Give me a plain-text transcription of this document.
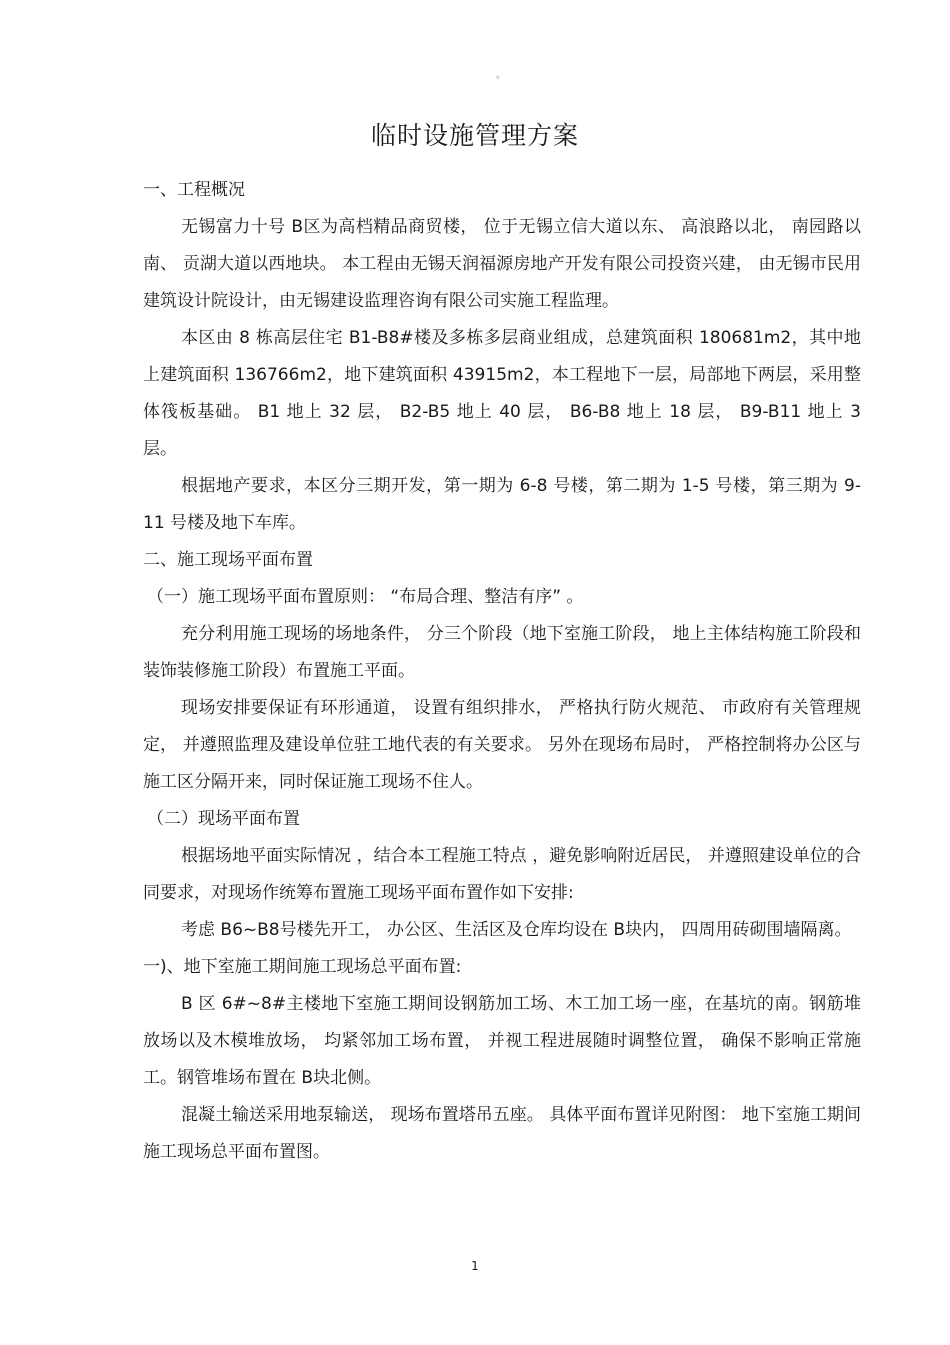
。
临时设施管理方案

一、工程概况

无锡富力十号 B区为高档精品商贸楼， 位于无锡立信大道以东、 高浪路以北， 南园路以南、 贡湖大道以西地块。 本工程由无锡天润福源房地产开发有限公司投资兴建， 由无锡市民用建筑设计院设计，由无锡建设监理咨询有限公司实施工程监理。

本区由 8 栋高层住宅 B1-B8#楼及多栋多层商业组成，总建筑面积 180681m2，其中地上建筑面积 136766m2，地下建筑面积 43915m2，本工程地下一层，局部地下两层，采用整体筏板基础。 B1 地上 32 层， B2-B5 地上 40 层， B6-B8 地上 18 层， B9-B11 地上 3 层。

根据地产要求，本区分三期开发，第一期为 6-8 号楼，第二期为 1-5 号楼，第三期为 9-11 号楼及地下车库。

二、施工现场平面布置

（一）施工现场平面布置原则： “布局合理、整洁有序” 。

充分利用施工现场的场地条件， 分三个阶段（地下室施工阶段， 地上主体结构施工阶段和装饰装修施工阶段）布置施工平面。

现场安排要保证有环形通道， 设置有组织排水， 严格执行防火规范、 市政府有关管理规定， 并遵照监理及建设单位驻工地代表的有关要求。 另外在现场布局时， 严格控制将办公区与施工区分隔开来，同时保证施工现场不住人。

（二）现场平面布置

根据场地平面实际情况 ，结合本工程施工特点 ，避免影响附近居民， 并遵照建设单位的合同要求，对现场作统筹布置施工现场平面布置作如下安排:

考虑 B6~B8号楼先开工， 办公区、生活区及仓库均设在 B块内， 四周用砖砌围墙隔离。

一)、地下室施工期间施工现场总平面布置:

B 区 6#~8#主楼地下室施工期间设钢筋加工场、木工加工场一座，在基坑的南。钢筋堆放场以及木模堆放场， 均紧邻加工场布置， 并视工程进展随时调整位置， 确保不影响正常施工。钢管堆场布置在 B块北侧。

混凝土输送采用地泵输送， 现场布置塔吊五座。 具体平面布置详见附图： 地下室施工期间施工现场总平面布置图。

1
